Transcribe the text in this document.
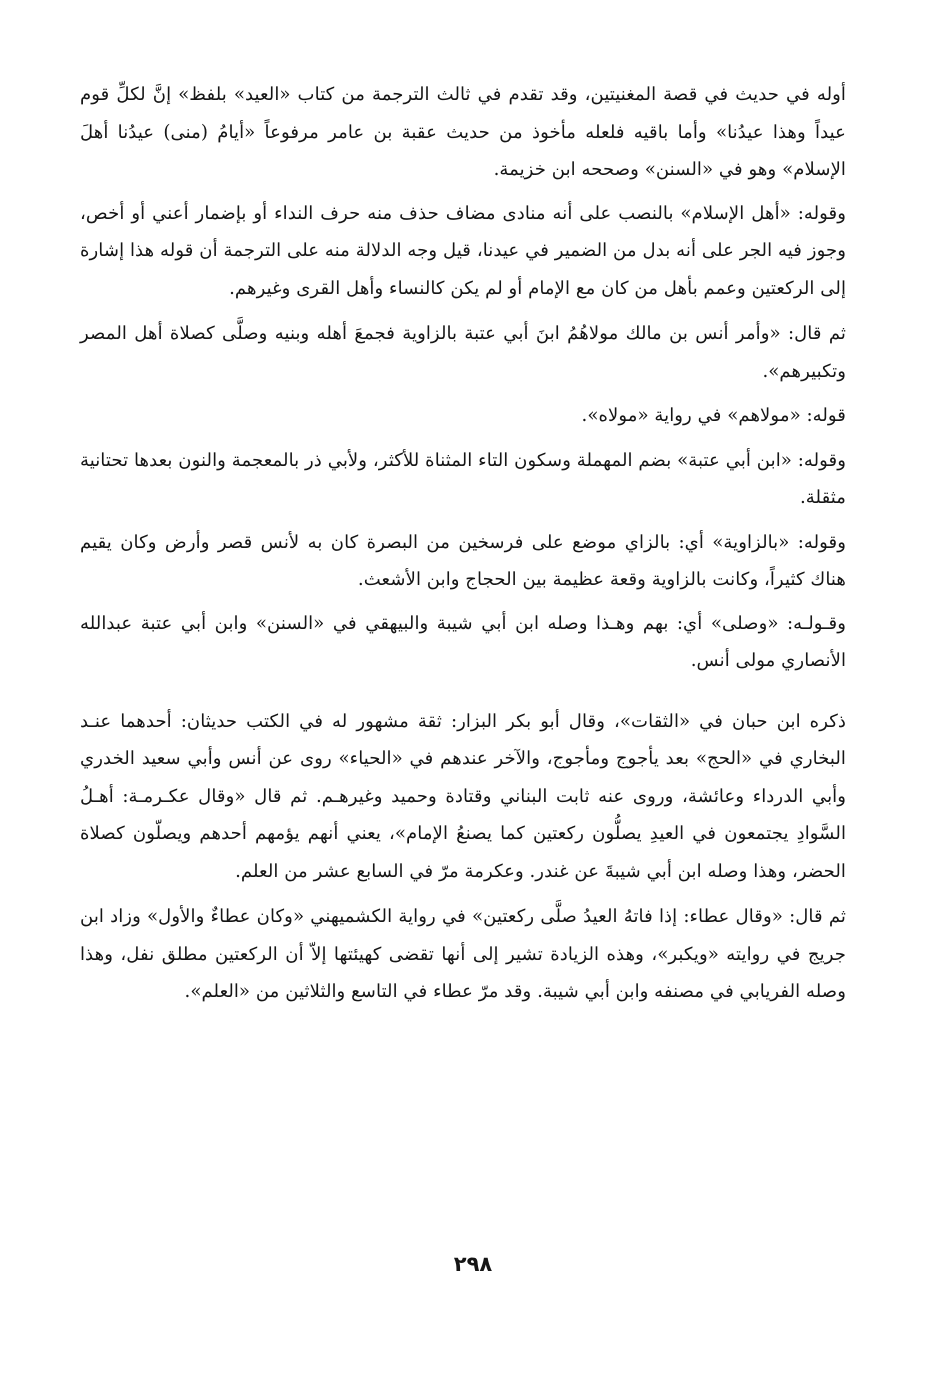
أوله في حديث في قصة المغنيتين، وقد تقدم في ثالث الترجمة من كتاب «العيد» بلفظ» إنَّ لكلِّ قوم عيداً وهذا عيدُنا» وأما باقيه فلعله مأخوذ من حديث عقبة بن عامر مرفوعاً «أيامُ (منى) عيدُنا أهلَ الإسلام» وهو في «السنن» وصححه ابن خزيمة.

وقوله: «أهل الإسلام» بالنصب على أنه منادى مضاف حذف منه حرف النداء أو بإضمار أعني أو أخص، وجوز فيه الجر على أنه بدل من الضمير في عيدنا، قيل وجه الدلالة منه على الترجمة أن قوله هذا إشارة إلى الركعتين وعمم بأهل من كان مع الإمام أو لم يكن كالنساء وأهل القرى وغيرهم.

ثم قال: «وأمر أنس بن مالك مولاهُمُ ابنَ أبي عتبة بالزاوية فجمعَ أهله وبنيه وصلَّى كصلاة أهل المصر وتكبيرهم».

قوله: «مولاهم» في رواية «مولاه».

وقوله: «ابن أبي عتبة» بضم المهملة وسكون التاء المثناة للأكثر، ولأبي ذر بالمعجمة والنون بعدها تحتانية مثقلة.

وقوله: «بالزاوية» أي: بالزاي موضع على فرسخين من البصرة كان به لأنس قصر وأرض وكان يقيم هناك كثيراً، وكانت بالزاوية وقعة عظيمة بين الحجاج وابن الأشعث.

وقـولـه: «وصلى» أي: بهم وهـذا وصله ابن أبي شيبة والبيهقي في «السنن» وابن أبي عتبة عبدالله الأنصاري مولى أنس.

ذكره ابن حبان في «الثقات»، وقال أبو بكر البزار: ثقة مشهور له في الكتب حديثان: أحدهما عنـد البخاري في «الحج» بعد يأجوج ومأجوج، والآخر عندهم في «الحياء» روى عن أنس وأبي سعيد الخدري وأبي الدرداء وعائشة، وروى عنه ثابت البناني وقتادة وحميد وغيرهـم. ثم قال «وقال عكـرمـة: أهـلُ السَّوادِ يجتمعون في العيدِ يصلُّون ركعتين كما يصنعُ الإمام»، يعني أنهم يؤمهم أحدهم ويصلّون كصلاة الحضر، وهذا وصله ابن أبي شيبةَ عن غندر. وعكرمة مرّ في السابع عشر من العلم.

ثم قال: «وقال عطاء: إذا فاتهُ العيدُ صلَّى ركعتين» في رواية الكشميهني «وكان عطاءٌ والأول» وزاد ابن جريج في روايته «ويكبر»، وهذه الزيادة تشير إلى أنها تقضى كهيئتها إلاّ أن الركعتين مطلق نفل، وهذا وصله الفريابي في مصنفه وابن أبي شيبة. وقد مرّ عطاء في التاسع والثلاثين من «العلم».

٢٩٨
